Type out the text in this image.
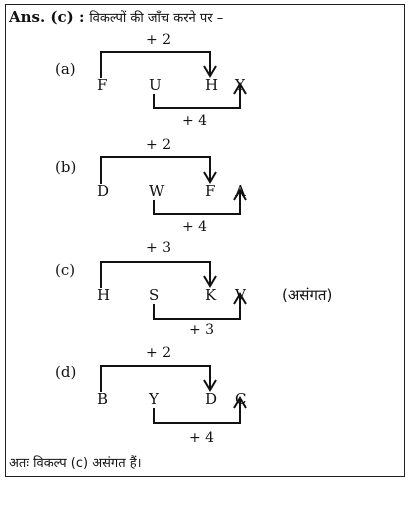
Ans. (c) : विकल्पों की जाँच करने पर –
+ 2
(a)
F	U	H Y
+ 4
+ 2
(b)
D	W	F A
+ 4
+ 3
(c)
H	S	K V (असंगत)
+ 3
+ 2
(d)
B	Y	D C
+ 4
अतः विकल्प (c) असंगत हैं।
